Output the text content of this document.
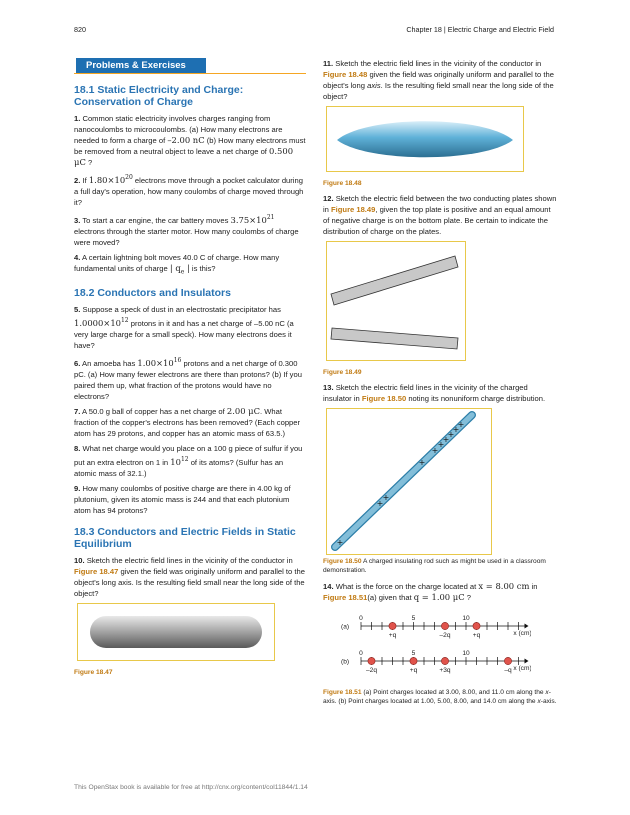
820	Chapter 18 | Electric Charge and Electric Field
Problems & Exercises
18.1 Static Electricity and Charge: Conservation of Charge

1. Common static electricity involves charges ranging from nanocoulombs to microcoulombs. (a) How many electrons are needed to form a charge of –2.00 nC (b) How many electrons must be removed from a neutral object to leave a net charge of 0.500 μC ?

2. If $1.80\times 10^{20}$ electrons move through a pocket calculator during a full day's operation, how many coulombs of charge moved through it?

3. To start a car engine, the car battery moves $3.75\times 10^{21}$ electrons through the starter motor. How many coulombs of charge were moved?

4. A certain lightning bolt moves 40.0 C of charge. How many fundamental units of charge | $q_e$ | is this?

18.2 Conductors and Insulators

5. Suppose a speck of dust in an electrostatic precipitator has $1.0000\times 10^{12}$ protons in it and has a net charge of –5.00 nC (a very large charge for a small speck). How many electrons does it have?

6. An amoeba has $1.00\times 10^{16}$ protons and a net charge of 0.300 pC. (a) How many fewer electrons are there than protons? (b) If you paired them up, what fraction of the protons would have no electrons?

7. A 50.0 g ball of copper has a net charge of 2.00 μC. What fraction of the copper's electrons has been removed? (Each copper atom has 29 protons, and copper has an atomic mass of 63.5.)

8. What net charge would you place on a 100 g piece of sulfur if you put an extra electron on 1 in $10^{12}$ of its atoms? (Sulfur has an atomic mass of 32.1.)

9. How many coulombs of positive charge are there in 4.00 kg of plutonium, given its atomic mass is 244 and that each plutonium atom has 94 protons?

18.3 Conductors and Electric Fields in Static Equilibrium

10. Sketch the electric field lines in the vicinity of the conductor in Figure 18.47 given the field was originally uniform and parallel to the object's long axis. Is the resulting field small near the long side of the object?

Figure 18.47

11. Sketch the electric field lines in the vicinity of the conductor in Figure 18.48 given the field was originally uniform and parallel to the object's long axis. Is the resulting field small near the long side of the object?

Figure 18.48

12. Sketch the electric field between the two conducting plates shown in Figure 18.49, given the top plate is positive and an equal amount of negative charge is on the bottom plate. Be certain to indicate the distribution of charge on the plates.

Figure 18.49

13. Sketch the electric field lines in the vicinity of the charged insulator in Figure 18.50 noting its nonuniform charge distribution.

+
+
+
+
+
+
+
+
+
+
Figure 18.50 A charged insulating rod such as might be used in a classroom demonstration.

14. What is the force on the charge located at x = 8.00 cm in Figure 18.51(a) given that q = 1.00 μC ?

(a)
0	5	10
x (cm)
+q	–2q	+q
(b)
0	5	10
x (cm)
–2q	+q	+3q	–q
Figure 18.51 (a) Point charges located at 3.00, 8.00, and 11.0 cm along the x-axis. (b) Point charges located at 1.00, 5.00, 8.00, and 14.0 cm along the x-axis.
This OpenStax book is available for free at http://cnx.org/content/col11844/1.14
